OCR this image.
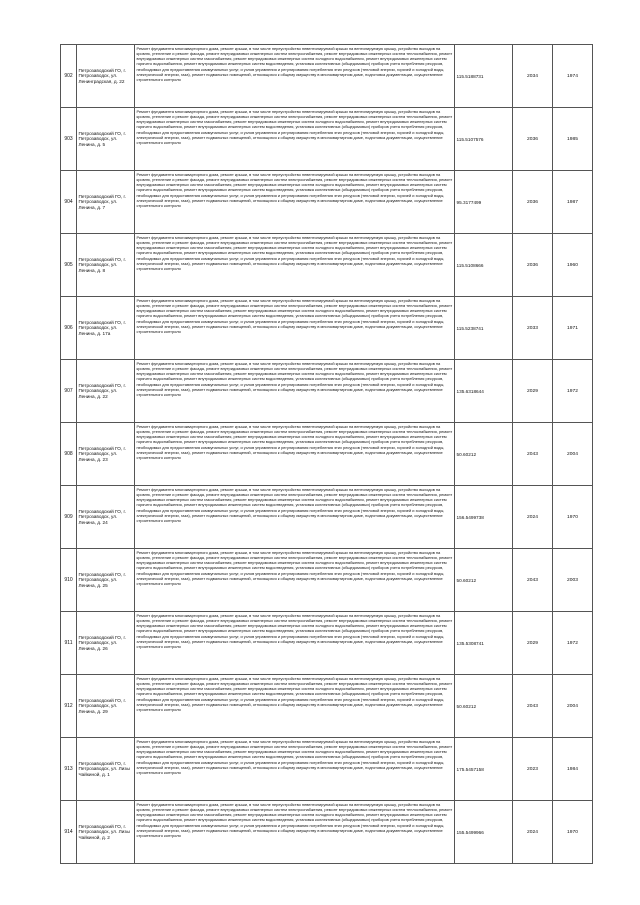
902	Петрозаводский ГО, г. Петрозаводск, ул. Ленинградская, д. 22	Ремонт фундамента многоквартирного дома, ремонт крыши, в том числе переустройство невентилируемой крыши на вентилируемую крышу, устройство выходов на кровлю, утепление и ремонт фасада, ремонт внутридомовых инженерных систем электроснабжения, ремонт внутридомовых инженерных систем теплоснабжения, ремонт внутридомовых инженерных систем газоснабжения, ремонт внутридомовых инженерных систем холодного водоснабжения, ремонт внутридомовых инженерных систем горячего водоснабжения, ремонт внутридомовых инженерных систем водоотведения, установка коллективных (общедомовых) приборов учета потребления ресурсов, необходимых для предоставления коммунальных услуг, и узлов управления и регулирования потребления этих ресурсов (тепловой энергии, горячей и холодной воды, электрической энергии, газа), ремонт подвальных помещений, относящихся к общему имуществу в многоквартирном доме, подготовка документации, осуществление строительного контроля	115.5188731	2034	1974
903	Петрозаводский ГО, г. Петрозаводск, ул. Ленина, д. 5	Ремонт фундамента многоквартирного дома, ремонт крыши, в том числе переустройство невентилируемой крыши на вентилируемую крышу, устройство выходов на кровлю, утепление и ремонт фасада, ремонт внутридомовых инженерных систем электроснабжения, ремонт внутридомовых инженерных систем теплоснабжения, ремонт внутридомовых инженерных систем газоснабжения, ремонт внутридомовых инженерных систем холодного водоснабжения, ремонт внутридомовых инженерных систем горячего водоснабжения, ремонт внутридомовых инженерных систем водоотведения, установка коллективных (общедомовых) приборов учета потребления ресурсов, необходимых для предоставления коммунальных услуг, и узлов управления и регулирования потребления этих ресурсов (тепловой энергии, горячей и холодной воды, электрической энергии, газа), ремонт подвальных помещений, относящихся к общему имуществу в многоквартирном доме, подготовка документации, осуществление строительного контроля	115.5107576	2036	1985
904	Петрозаводский ГО, г. Петрозаводск, ул. Ленина, д. 7	Ремонт фундамента многоквартирного дома, ремонт крыши, в том числе переустройство невентилируемой крыши на вентилируемую крышу, устройство выходов на кровлю, утепление и ремонт фасада, ремонт внутридомовых инженерных систем электроснабжения, ремонт внутридомовых инженерных систем теплоснабжения, ремонт внутридомовых инженерных систем газоснабжения, ремонт внутридомовых инженерных систем холодного водоснабжения, ремонт внутридомовых инженерных систем горячего водоснабжения, ремонт внутридомовых инженерных систем водоотведения, установка коллективных (общедомовых) приборов учета потребления ресурсов, необходимых для предоставления коммунальных услуг, и узлов управления и регулирования потребления этих ресурсов (тепловой энергии, горячей и холодной воды, электрической энергии, газа), ремонт подвальных помещений, относящихся к общему имуществу в многоквартирном доме, подготовка документации, осуществление строительного контроля	95.3177499	2036	1987
905	Петрозаводский ГО, г. Петрозаводск, ул. Ленина, д. 8	Ремонт фундамента многоквартирного дома, ремонт крыши, в том числе переустройство невентилируемой крыши на вентилируемую крышу, устройство выходов на кровлю, утепление и ремонт фасада, ремонт внутридомовых инженерных систем электроснабжения, ремонт внутридомовых инженерных систем теплоснабжения, ремонт внутридомовых инженерных систем газоснабжения, ремонт внутридомовых инженерных систем холодного водоснабжения, ремонт внутридомовых инженерных систем горячего водоснабжения, ремонт внутридомовых инженерных систем водоотведения, установка коллективных (общедомовых) приборов учета потребления ресурсов, необходимых для предоставления коммунальных услуг, и узлов управления и регулирования потребления этих ресурсов (тепловой энергии, горячей и холодной воды, электрической энергии, газа), ремонт подвальных помещений, относящихся к общему имуществу в многоквартирном доме, подготовка документации, осуществление строительного контроля	115.5108666	2036	1960
906	Петрозаводский ГО, г. Петрозаводск, ул. Ленина, д. 17а	Ремонт фундамента многоквартирного дома, ремонт крыши, в том числе переустройство невентилируемой крыши на вентилируемую крышу, устройство выходов на кровлю, утепление и ремонт фасада, ремонт внутридомовых инженерных систем электроснабжения, ремонт внутридомовых инженерных систем теплоснабжения, ремонт внутридомовых инженерных систем газоснабжения, ремонт внутридомовых инженерных систем холодного водоснабжения, ремонт внутридомовых инженерных систем горячего водоснабжения, ремонт внутридомовых инженерных систем водоотведения, установка коллективных (общедомовых) приборов учета потребления ресурсов, необходимых для предоставления коммунальных услуг, и узлов управления и регулирования потребления этих ресурсов (тепловой энергии, горячей и холодной воды, электрической энергии, газа), ремонт подвальных помещений, относящихся к общему имуществу в многоквартирном доме, подготовка документации, осуществление строительного контроля	115.5238741	2033	1971
907	Петрозаводский ГО, г. Петрозаводск, ул. Ленина, д. 22	Ремонт фундамента многоквартирного дома, ремонт крыши, в том числе переустройство невентилируемой крыши на вентилируемую крышу, устройство выходов на кровлю, утепление и ремонт фасада, ремонт внутридомовых инженерных систем электроснабжения, ремонт внутридомовых инженерных систем теплоснабжения, ремонт внутридомовых инженерных систем газоснабжения, ремонт внутридомовых инженерных систем холодного водоснабжения, ремонт внутридомовых инженерных систем горячего водоснабжения, ремонт внутридомовых инженерных систем водоотведения, установка коллективных (общедомовых) приборов учета потребления ресурсов, необходимых для предоставления коммунальных услуг, и узлов управления и регулирования потребления этих ресурсов (тепловой энергии, горячей и холодной воды, электрической энергии, газа), ремонт подвальных помещений, относящихся к общему имуществу в многоквартирном доме, подготовка документации, осуществление строительного контроля	135.6318644	2029	1972
908	Петрозаводский ГО, г. Петрозаводск, ул. Ленина, д. 23	Ремонт фундамента многоквартирного дома, ремонт крыши, в том числе переустройство невентилируемой крыши на вентилируемую крышу, устройство выходов на кровлю, утепление и ремонт фасада, ремонт внутридомовых инженерных систем электроснабжения, ремонт внутридомовых инженерных систем теплоснабжения, ремонт внутридомовых инженерных систем газоснабжения, ремонт внутридомовых инженерных систем холодного водоснабжения, ремонт внутридомовых инженерных систем горячего водоснабжения, ремонт внутридомовых инженерных систем водоотведения, установка коллективных (общедомовых) приборов учета потребления ресурсов, необходимых для предоставления коммунальных услуг, и узлов управления и регулирования потребления этих ресурсов (тепловой энергии, горячей и холодной воды, электрической энергии, газа), ремонт подвальных помещений, относящихся к общему имуществу в многоквартирном доме, подготовка документации, осуществление строительного контроля	50.60212	2043	2004
909	Петрозаводский ГО, г. Петрозаводск, ул. Ленина, д. 24	Ремонт фундамента многоквартирного дома, ремонт крыши, в том числе переустройство невентилируемой крыши на вентилируемую крышу, устройство выходов на кровлю, утепление и ремонт фасада, ремонт внутридомовых инженерных систем электроснабжения, ремонт внутридомовых инженерных систем теплоснабжения, ремонт внутридомовых инженерных систем газоснабжения, ремонт внутридомовых инженерных систем холодного водоснабжения, ремонт внутридомовых инженерных систем горячего водоснабжения, ремонт внутридомовых инженерных систем водоотведения, установка коллективных (общедомовых) приборов учета потребления ресурсов, необходимых для предоставления коммунальных услуг, и узлов управления и регулирования потребления этих ресурсов (тепловой энергии, горячей и холодной воды, электрической энергии, газа), ремонт подвальных помещений, относящихся к общему имуществу в многоквартирном доме, подготовка документации, осуществление строительного контроля	156.5499738	2024	1970
910	Петрозаводский ГО, г. Петрозаводск, ул. Ленина, д. 25	Ремонт фундамента многоквартирного дома, ремонт крыши, в том числе переустройство невентилируемой крыши на вентилируемую крышу, устройство выходов на кровлю, утепление и ремонт фасада, ремонт внутридомовых инженерных систем электроснабжения, ремонт внутридомовых инженерных систем теплоснабжения, ремонт внутридомовых инженерных систем газоснабжения, ремонт внутридомовых инженерных систем холодного водоснабжения, ремонт внутридомовых инженерных систем горячего водоснабжения, ремонт внутридомовых инженерных систем водоотведения, установка коллективных (общедомовых) приборов учета потребления ресурсов, необходимых для предоставления коммунальных услуг, и узлов управления и регулирования потребления этих ресурсов (тепловой энергии, горячей и холодной воды, электрической энергии, газа), ремонт подвальных помещений, относящихся к общему имуществу в многоквартирном доме, подготовка документации, осуществление строительного контроля	50.60212	2043	2003
911	Петрозаводский ГО, г. Петрозаводск, ул. Ленина, д. 26	Ремонт фундамента многоквартирного дома, ремонт крыши, в том числе переустройство невентилируемой крыши на вентилируемую крышу, устройство выходов на кровлю, утепление и ремонт фасада, ремонт внутридомовых инженерных систем электроснабжения, ремонт внутридомовых инженерных систем теплоснабжения, ремонт внутридомовых инженерных систем газоснабжения, ремонт внутридомовых инженерных систем холодного водоснабжения, ремонт внутридомовых инженерных систем горячего водоснабжения, ремонт внутридомовых инженерных систем водоотведения, установка коллективных (общедомовых) приборов учета потребления ресурсов, необходимых для предоставления коммунальных услуг, и узлов управления и регулирования потребления этих ресурсов (тепловой энергии, горячей и холодной воды, электрической энергии, газа), ремонт подвальных помещений, относящихся к общему имуществу в многоквартирном доме, подготовка документации, осуществление строительного контроля	135.5308741	2029	1972
912	Петрозаводский ГО, г. Петрозаводск, ул. Ленина, д. 29	Ремонт фундамента многоквартирного дома, ремонт крыши, в том числе переустройство невентилируемой крыши на вентилируемую крышу, устройство выходов на кровлю, утепление и ремонт фасада, ремонт внутридомовых инженерных систем электроснабжения, ремонт внутридомовых инженерных систем теплоснабжения, ремонт внутридомовых инженерных систем газоснабжения, ремонт внутридомовых инженерных систем холодного водоснабжения, ремонт внутридомовых инженерных систем горячего водоснабжения, ремонт внутридомовых инженерных систем водоотведения, установка коллективных (общедомовых) приборов учета потребления ресурсов, необходимых для предоставления коммунальных услуг, и узлов управления и регулирования потребления этих ресурсов (тепловой энергии, горячей и холодной воды, электрической энергии, газа), ремонт подвальных помещений, относящихся к общему имуществу в многоквартирном доме, подготовка документации, осуществление строительного контроля	50.60212	2043	2004
913	Петрозаводский ГО, г. Петрозаводск, ул. Лизы Чайкиной, д. 1	Ремонт фундамента многоквартирного дома, ремонт крыши, в том числе переустройство невентилируемой крыши на вентилируемую крышу, устройство выходов на кровлю, утепление и ремонт фасада, ремонт внутридомовых инженерных систем электроснабжения, ремонт внутридомовых инженерных систем теплоснабжения, ремонт внутридомовых инженерных систем газоснабжения, ремонт внутридомовых инженерных систем холодного водоснабжения, ремонт внутридомовых инженерных систем горячего водоснабжения, ремонт внутридомовых инженерных систем водоотведения, установка коллективных (общедомовых) приборов учета потребления ресурсов, необходимых для предоставления коммунальных услуг, и узлов управления и регулирования потребления этих ресурсов (тепловой энергии, горячей и холодной воды, электрической энергии, газа), ремонт подвальных помещений, относящихся к общему имуществу в многоквартирном доме, подготовка документации, осуществление строительного контроля	175.5457158	2023	1984
914	Петрозаводский ГО, г. Петрозаводск, ул. Лизы Чайкиной, д. 2	Ремонт фундамента многоквартирного дома, ремонт крыши, в том числе переустройство невентилируемой крыши на вентилируемую крышу, устройство выходов на кровлю, утепление и ремонт фасада, ремонт внутридомовых инженерных систем электроснабжения, ремонт внутридомовых инженерных систем теплоснабжения, ремонт внутридомовых инженерных систем газоснабжения, ремонт внутридомовых инженерных систем холодного водоснабжения, ремонт внутридомовых инженерных систем горячего водоснабжения, ремонт внутридомовых инженерных систем водоотведения, установка коллективных (общедомовых) приборов учета потребления ресурсов, необходимых для предоставления коммунальных услуг, и узлов управления и регулирования потребления этих ресурсов (тепловой энергии, горячей и холодной воды, электрической энергии, газа), ремонт подвальных помещений, относящихся к общему имуществу в многоквартирном доме, подготовка документации, осуществление строительного контроля	155.5499966	2024	1970
